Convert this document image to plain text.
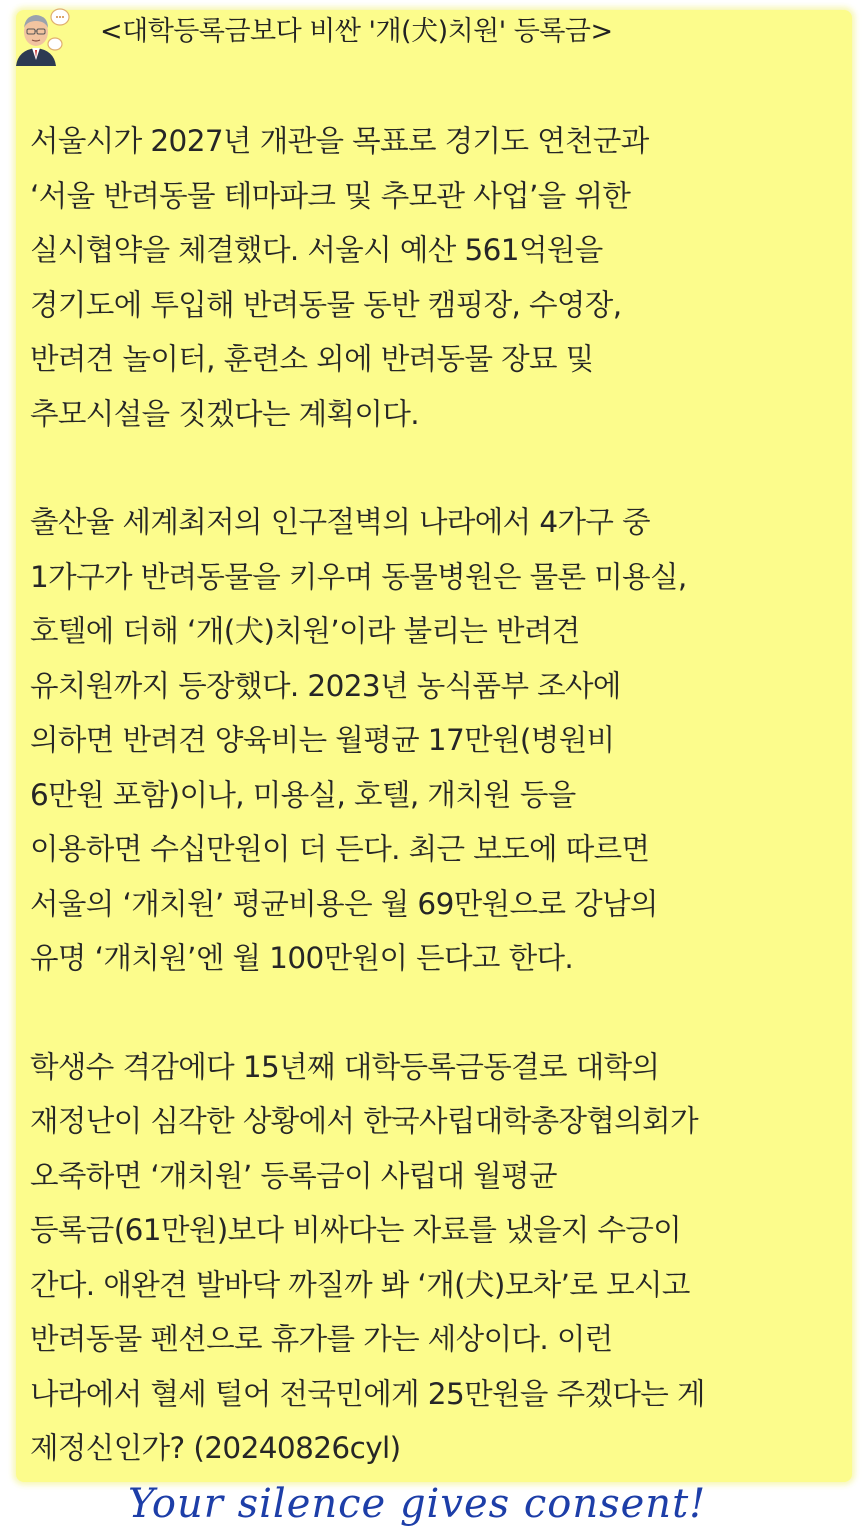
<대학등록금보다 비싼 '개(犬)치원' 등록금>
서울시가 2027년 개관을 목표로 경기도 연천군과
‘서울 반려동물 테마파크 및 추모관 사업’을 위한
실시협약을 체결했다. 서울시 예산 561억원을
경기도에 투입해 반려동물 동반 캠핑장, 수영장,
반려견 놀이터, 훈련소 외에 반려동물 장묘 및
추모시설을 짓겠다는 계획이다.
출산율 세계최저의 인구절벽의 나라에서 4가구 중
1가구가 반려동물을 키우며 동물병원은 물론 미용실,
호텔에 더해 ‘개(犬)치원’이라 불리는 반려견
유치원까지 등장했다. 2023년 농식품부 조사에
의하면 반려견 양육비는 월평균 17만원(병원비
6만원 포함)이나, 미용실, 호텔, 개치원 등을
이용하면 수십만원이 더 든다. 최근 보도에 따르면
서울의 ‘개치원’ 평균비용은 월 69만원으로 강남의
유명 ‘개치원’엔 월 100만원이 든다고 한다.
학생수 격감에다 15년째 대학등록금동결로 대학의
재정난이 심각한 상황에서 한국사립대학총장협의회가
오죽하면 ‘개치원’ 등록금이 사립대 월평균
등록금(61만원)보다 비싸다는 자료를 냈을지 수긍이
간다. 애완견 발바닥 까질까 봐 ‘개(犬)모차’로 모시고
반려동물 펜션으로 휴가를 가는 세상이다. 이런
나라에서 혈세 털어 전국민에게 25만원을 주겠다는 게
제정신인가? (20240826cyl)
Your silence gives consent!
